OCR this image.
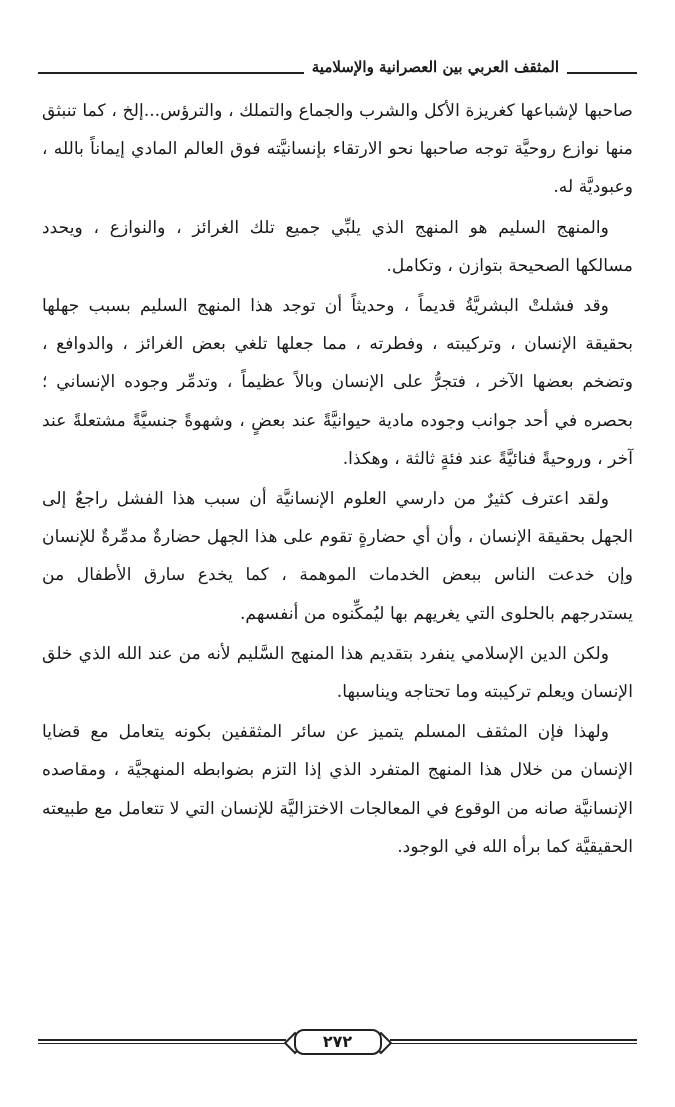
المثقف العربي بين العصرانية والإسلامية

صاحبها لإشباعها كغريزة الأكل والشرب والجماع والتملك ، والترؤس...إلخ ، كما تنبثق منها نوازع روحيَّة توجه صاحبها نحو الارتقاء بإنسانيَّته فوق العالم المادي إيماناً بالله ، وعبوديَّة له.

والمنهج السليم هو المنهج الذي يلبِّي جميع تلك الغرائز ، والنوازع ، ويحدد مسالكها الصحيحة بتوازن ، وتكامل.

وقد فشلتْ البشريَّةُ قديماً ، وحديثاً أن توجد هذا المنهج السليم بسبب جهلها بحقيقة الإنسان ، وتركيبته ، وفطرته ، مما جعلها تلغي بعض الغرائز ، والدوافع ، وتضخم بعضها الآخر ، فتجرُّ على الإنسان وبالاً عظيماً ، وتدمِّر وجوده الإنساني ؛ بحصره في أحد جوانب وجوده مادية حيوانيَّةً عند بعضٍ ، وشهوةً جنسيَّةً مشتعلةً عند آخر ، وروحيةً فنائيَّةً عند فئةٍ ثالثة ، وهكذا.

ولقد اعترف كثيرٌ من دارسي العلوم الإنسانيَّة أن سبب هذا الفشل راجعٌ إلى الجهل بحقيقة الإنسان ، وأن أي حضارةٍ تقوم على هذا الجهل حضارةٌ مدمِّرةٌ للإنسان وإن خدعت الناس ببعض الخدمات الموهمة ، كما يخدع سارق الأطفال من يستدرجهم بالحلوى التي يغريهم بها ليُمكِّنوه من أنفسهم.

ولكن الدين الإسلامي ينفرد بتقديم هذا المنهج السَّليم لأنه من عند الله الذي خلق الإنسان ويعلم تركيبته وما تحتاجه ويناسبها.

ولهذا فإن المثقف المسلم يتميز عن سائر المثقفين بكونه يتعامل مع قضايا الإنسان من خلال هذا المنهج المتفرد الذي إذا التزم بضوابطه المنهجيَّة ، ومقاصده الإنسانيَّة صانه من الوقوع في المعالجات الاختزاليَّة للإنسان التي لا تتعامل مع طبيعته الحقيقيَّة كما برأه الله في الوجود.

٢٧٢
